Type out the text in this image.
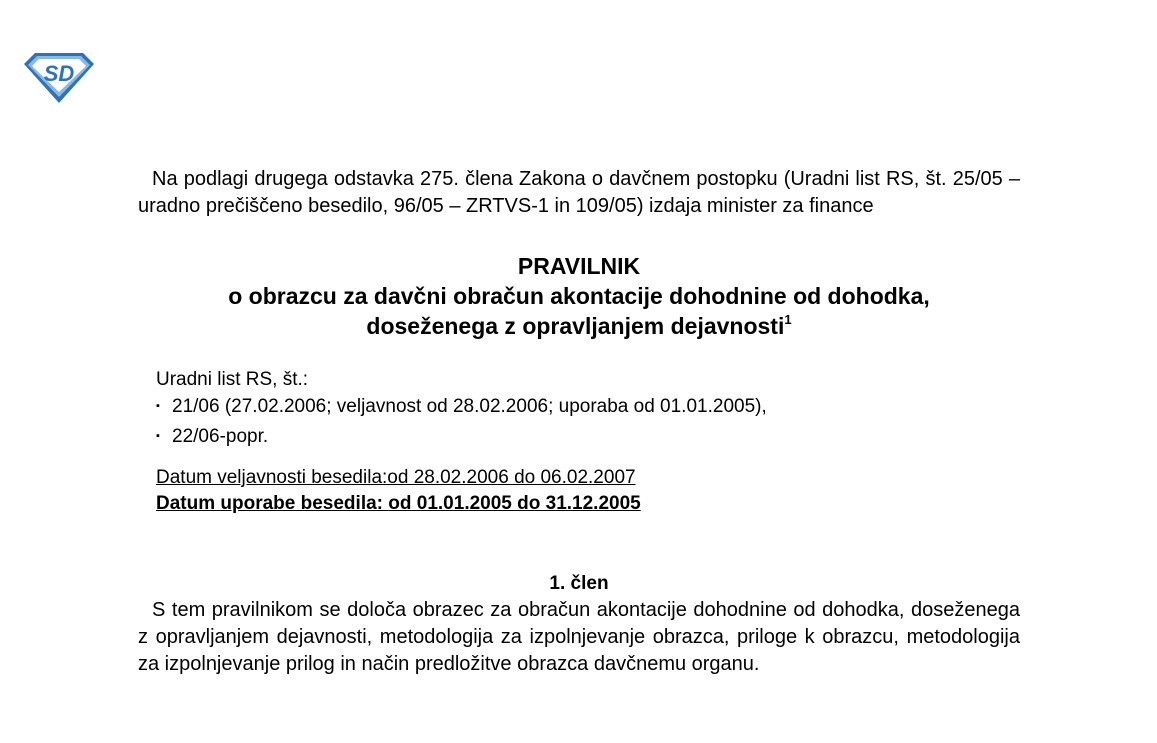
SD

Na podlagi drugega odstavka 275. člena Zakona o davčnem postopku (Uradni list RS, št. 25/05 – uradno prečiščeno besedilo, 96/05 – ZRTVS-1 in 109/05) izdaja minister za finance

PRAVILNIK
o obrazcu za davčni obračun akontacije dohodnine od dohodka,
doseženega z opravljanjem dejavnosti$^1$
Uradni list RS, št.:
▪ 21/06 (27.02.2006; veljavnost od 28.02.2006; uporaba od 01.01.2005),
▪ 22/06-popr.
Datum veljavnosti besedila:od 28.02.2006 do 06.02.2007
Datum uporabe besedila: od 01.01.2005 do 31.12.2005
1. člen

S tem pravilnikom se določa obrazec za obračun akontacije dohodnine od dohodka, doseženega z opravljanjem dejavnosti, metodologija za izpolnjevanje obrazca, priloge k obrazcu, metodologija za izpolnjevanje prilog in način predložitve obrazca davčnemu organu.
